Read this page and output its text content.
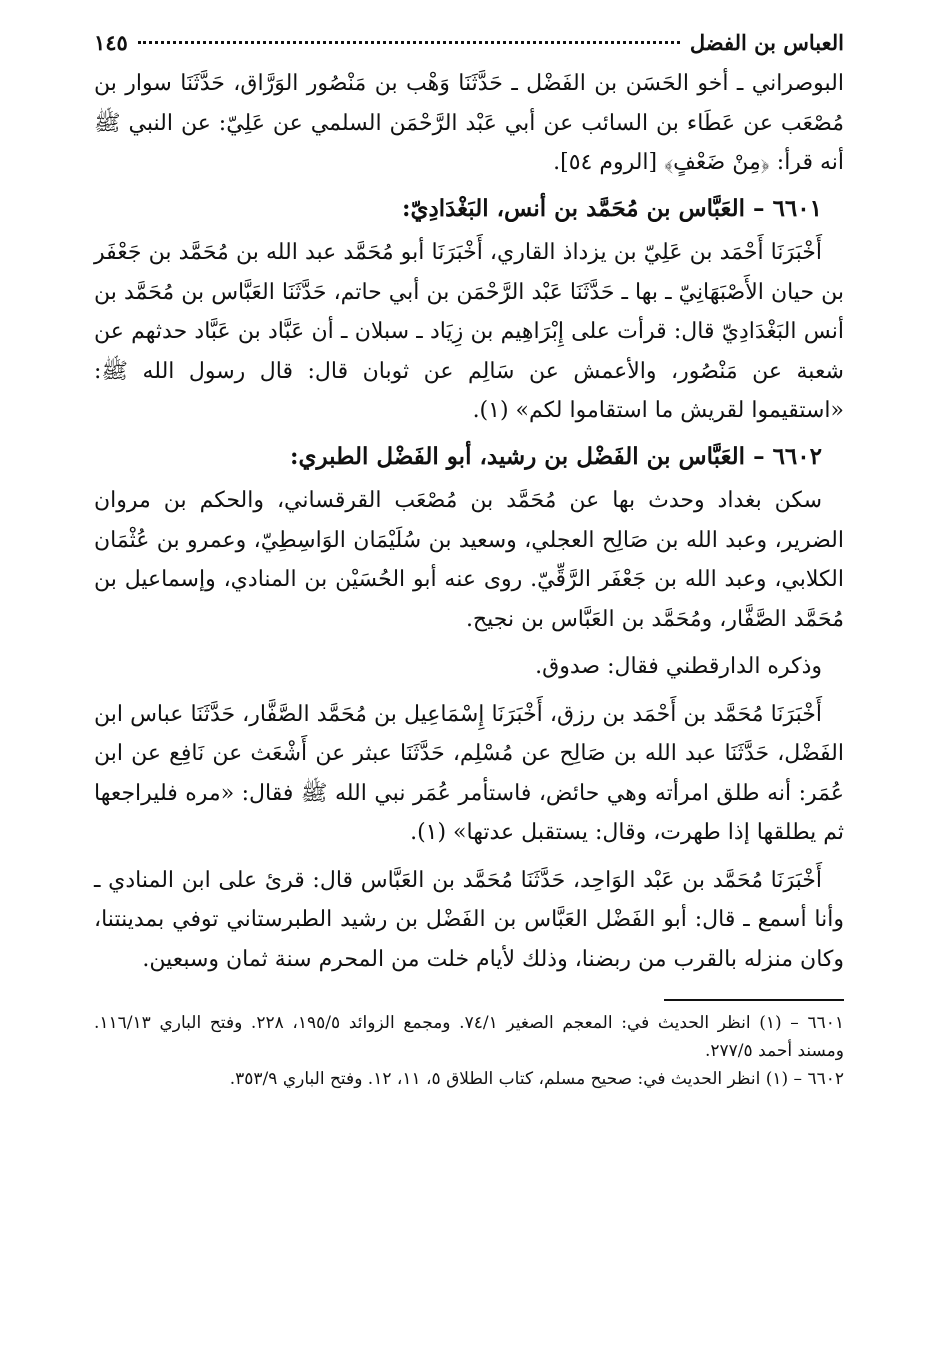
العباس بن الفضل
١٤٥

البوصراني ـ أخو الحَسَن بن الفَضْل ـ حَدَّثَنَا وَهْب بن مَنْصُور الوَرَّاق، حَدَّثَنَا سوار بن مُصْعَب عن عَطَاء بن السائب عن أبي عَبْد الرَّحْمَن السلمي عن عَلِيّ: عن النبي ﷺ أنه قرأ: ﴿مِنْ ضَعْفٍ﴾ [الروم ٥٤].

٦٦٠١ – العَبَّاس بن مُحَمَّد بن أنس، البَغْدَادِيّ:

أَخْبَرَنَا أَحْمَد بن عَلِيّ بن يزداذ القاري، أَخْبَرَنَا أبو مُحَمَّد عبد الله بن مُحَمَّد بن جَعْفَر بن حيان الأَصْبَهَانِيّ ـ بها ـ حَدَّثَنَا عَبْد الرَّحْمَن بن أبي حاتم، حَدَّثَنَا العَبَّاس بن مُحَمَّد بن أنس البَغْدَادِيّ قال: قرأت على إِبْرَاهِيم بن زِيَاد ـ سبلان ـ أن عَبَّاد بن عَبَّاد حدثهم عن شعبة عن مَنْصُور، والأعمش عن سَالِم عن ثوبان قال: قال رسول الله ﷺ: «استقيموا لقريش ما استقاموا لكم» (١).

٦٦٠٢ – العَبَّاس بن الفَضْل بن رشيد، أبو الفَضْل الطبري:

سكن بغداد وحدث بها عن مُحَمَّد بن مُصْعَب القرقساني، والحكم بن مروان الضرير، وعبد الله بن صَالِح العجلي، وسعيد بن سُلَيْمَان الوَاسِطِيّ، وعمرو بن عُثْمَان الكلابي، وعبد الله بن جَعْفَر الرَّقِّيّ. روى عنه أبو الحُسَيْن بن المنادي، وإسماعيل بن مُحَمَّد الصَّفَّار، ومُحَمَّد بن العَبَّاس بن نجيح.

وذكره الدارقطني فقال: صدوق.

أَخْبَرَنَا مُحَمَّد بن أَحْمَد بن رزق، أَخْبَرَنَا إِسْمَاعِيل بن مُحَمَّد الصَّفَّار، حَدَّثَنَا عباس ابن الفَضْل، حَدَّثَنَا عبد الله بن صَالِح عن مُسْلِم، حَدَّثَنَا عبثر عن أَشْعَث عن نَافِع عن ابن عُمَر: أنه طلق امرأته وهي حائض، فاستأمر عُمَر نبي الله ﷺ فقال: «مره فليراجعها ثم يطلقها إذا طهرت، وقال: يستقبل عدتها» (١).

أَخْبَرَنَا مُحَمَّد بن عَبْد الوَاحِد، حَدَّثَنَا مُحَمَّد بن العَبَّاس قال: قرئ على ابن المنادي ـ وأنا أسمع ـ قال: أبو الفَضْل العَبَّاس بن الفَضْل بن رشيد الطبرستاني توفي بمدينتنا، وكان منزله بالقرب من ربضنا، وذلك لأيام خلت من المحرم سنة ثمان وسبعين.

٦٦٠١ – (١) انظر الحديث في: المعجم الصغير ٧٤/١. ومجمع الزوائد ١٩٥/٥، ٢٢٨. وفتح الباري ١١٦/١٣. ومسند أحمد ٢٧٧/٥.

٦٦٠٢ – (١) انظر الحديث في: صحيح مسلم، كتاب الطلاق ٥، ١١، ١٢. وفتح الباري ٣٥٣/٩.
